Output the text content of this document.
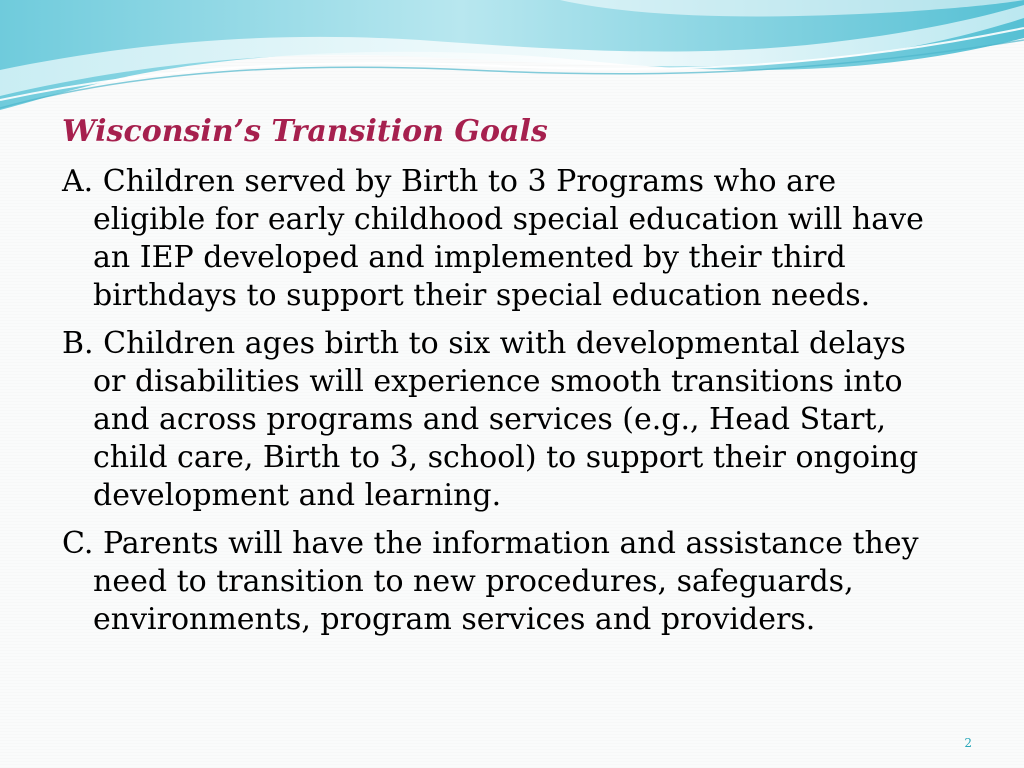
Wisconsin’s Transition Goals
A. Children served by Birth to 3 Programs who are eligible for early childhood special education will have an IEP developed and implemented by their third birthdays to support their special education needs.
B. Children ages birth to six with developmental delays or disabilities will experience smooth transitions into and across programs and services (e.g., Head Start, child care, Birth to 3, school) to support their ongoing development and learning.
C. Parents will have the information and assistance they need to transition to new procedures, safeguards, environments, program services and providers.
2
